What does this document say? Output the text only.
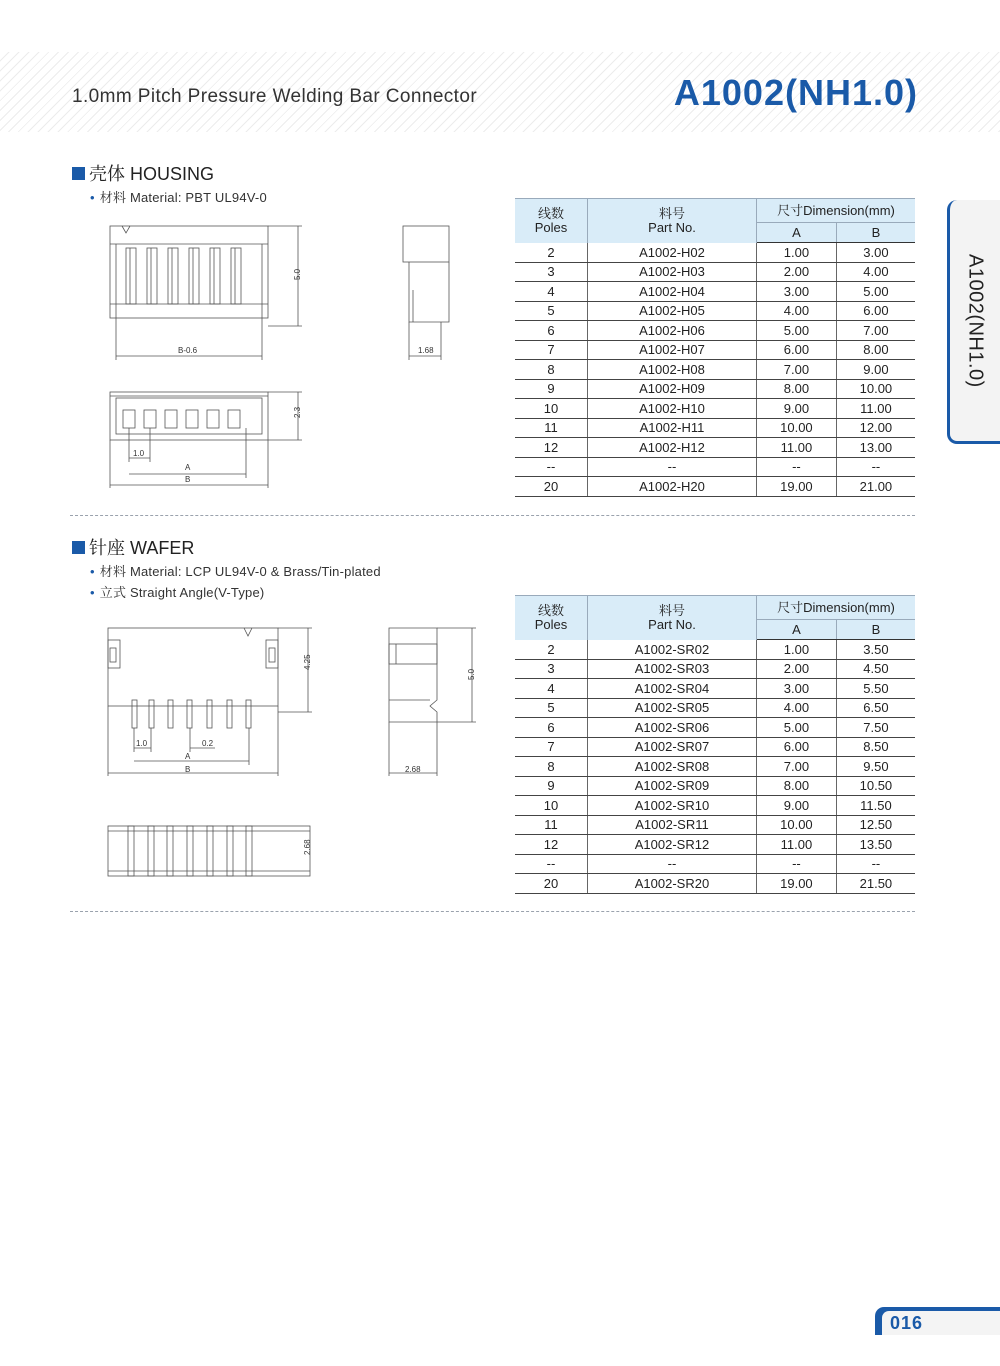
1.0mm Pitch Pressure Welding Bar Connector	A1002(NH1.0)
A1002(NH1.0)
壳体 HOUSING
• 材料 Material: PBT UL94V-0
线数
Poles	料号
Part No.	尺寸Dimension(mm)	
		A	B
2	A1002-H02	1.00	3.00
3	A1002-H03	2.00	4.00
4	A1002-H04	3.00	5.00
5	A1002-H05	4.00	6.00
6	A1002-H06	5.00	7.00
7	A1002-H07	6.00	8.00
8	A1002-H08	7.00	9.00
9	A1002-H09	8.00	10.00
10	A1002-H10	9.00	11.00
11	A1002-H11	10.00	12.00
12	A1002-H12	11.00	13.00
--	--	--	--
20	A1002-H20	19.00	21.00
5.0
B-0.6	1.68
2.3
1.0
A
B
针座 WAFER
• 材料 Material: LCP UL94V-0 & Brass/Tin-plated
• 立式 Straight Angle(V-Type)
线数
Poles	料号
Part No.	尺寸Dimension(mm)	
		A	B
2	A1002-SR02	1.00	3.50
3	A1002-SR03	2.00	4.50
4	A1002-SR04	3.00	5.50
5	A1002-SR05	4.00	6.50
6	A1002-SR06	5.00	7.50
7	A1002-SR07	6.00	8.50
8	A1002-SR08	7.00	9.50
9	A1002-SR09	8.00	10.50
10	A1002-SR10	9.00	11.50
11	A1002-SR11	10.00	12.50
12	A1002-SR12	11.00	13.50
--	--	--	--
20	A1002-SR20	19.00	21.50
4.25
5.0
2.68
1.0	0.2
A
B
2.68
016
